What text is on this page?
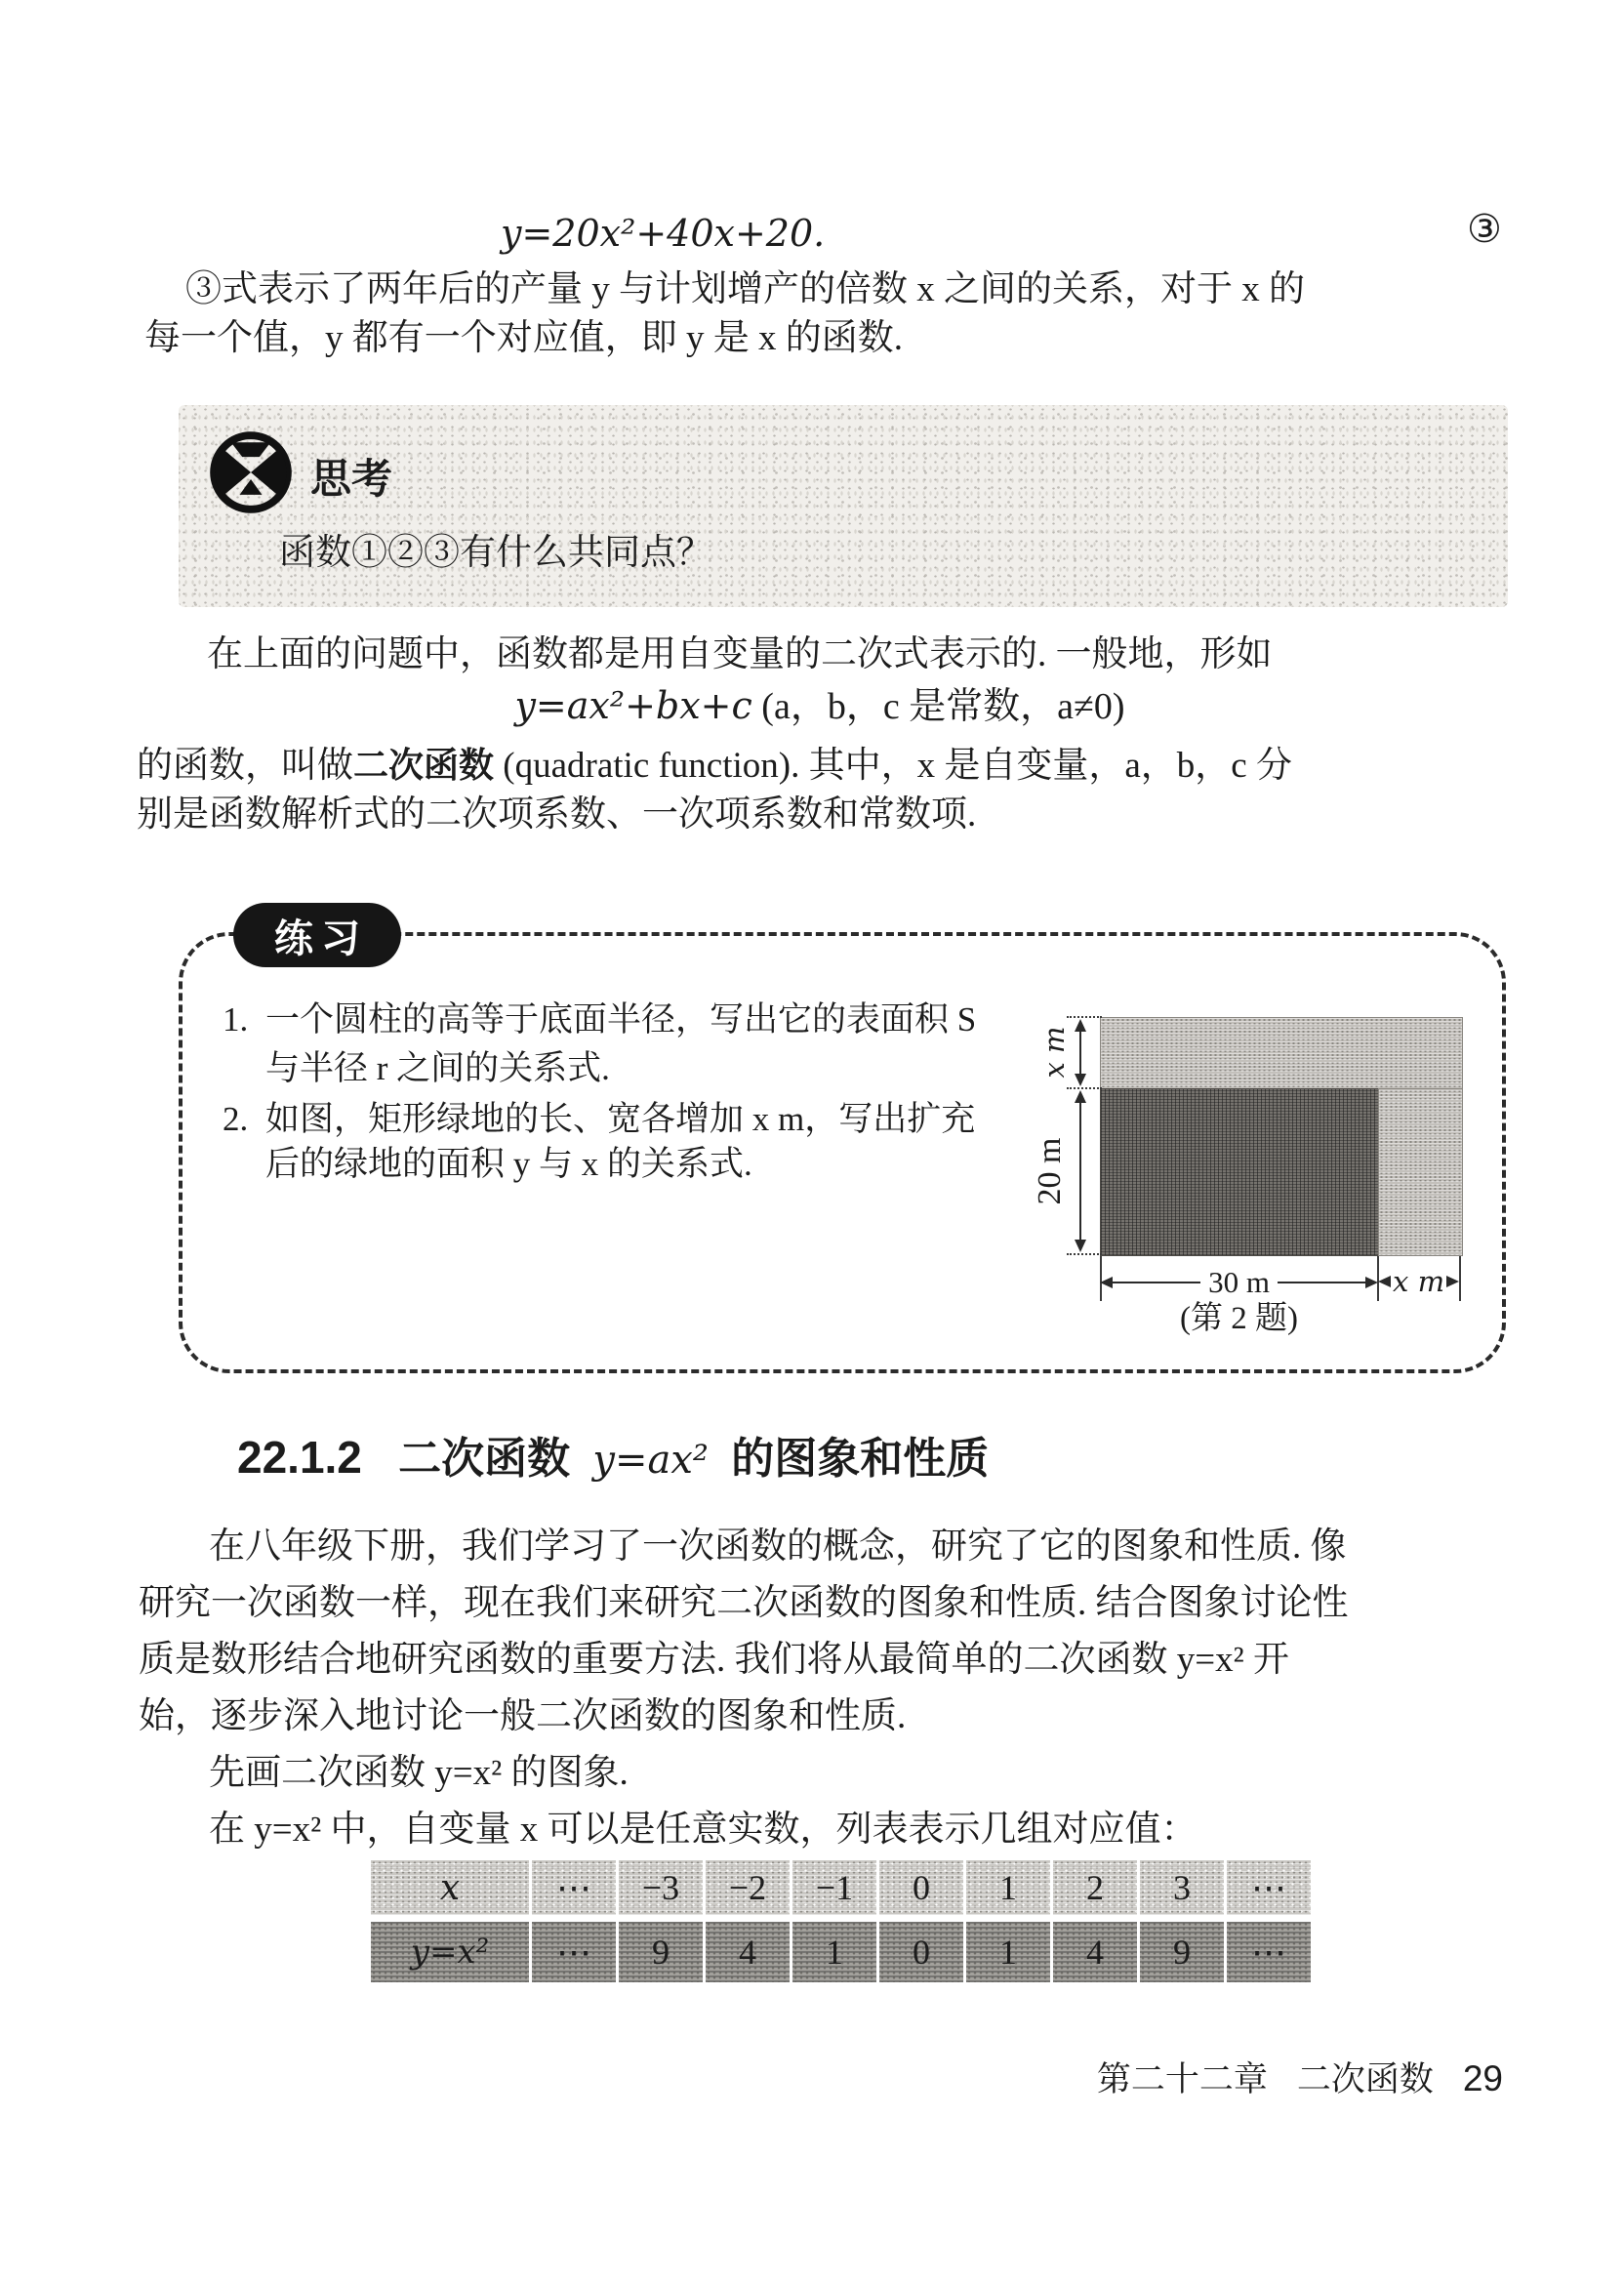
y=20x²+40x+20.	③
③式表示了两年后的产量 y 与计划增产的倍数 x 之间的关系，对于 x 的
每一个值，y 都有一个对应值，即 y 是 x 的函数.
思考
函数①②③有什么共同点？
在上面的问题中，函数都是用自变量的二次式表示的. 一般地，形如
y=ax²+bx+c (a，b，c 是常数，a≠0)
的函数，叫做二次函数 (quadratic function). 其中，x 是自变量，a，b，c 分
别是函数解析式的二次项系数、一次项系数和常数项.
练习
1. 一个圆柱的高等于底面半径，写出它的表面积 S
与半径 r 之间的关系式.
2. 如图，矩形绿地的长、宽各增加 x m，写出扩充
后的绿地的面积 y 与 x 的关系式.
x m
20 m
30 m	x m
(第 2 题)
22.1.2 二次函数 y=ax² 的图象和性质
在八年级下册，我们学习了一次函数的概念，研究了它的图象和性质. 像
研究一次函数一样，现在我们来研究二次函数的图象和性质. 结合图象讨论性
质是数形结合地研究函数的重要方法. 我们将从最简单的二次函数 y=x² 开
始，逐步深入地讨论一般二次函数的图象和性质.
先画二次函数 y=x² 的图象.
在 y=x² 中，自变量 x 可以是任意实数，列表表示几组对应值：
x	⋯	−3	−2	−1	0	1	2	3	⋯
y=x²	⋯	9	4	1	0	1	4	9	⋯
第二十二章 二次函数 29
